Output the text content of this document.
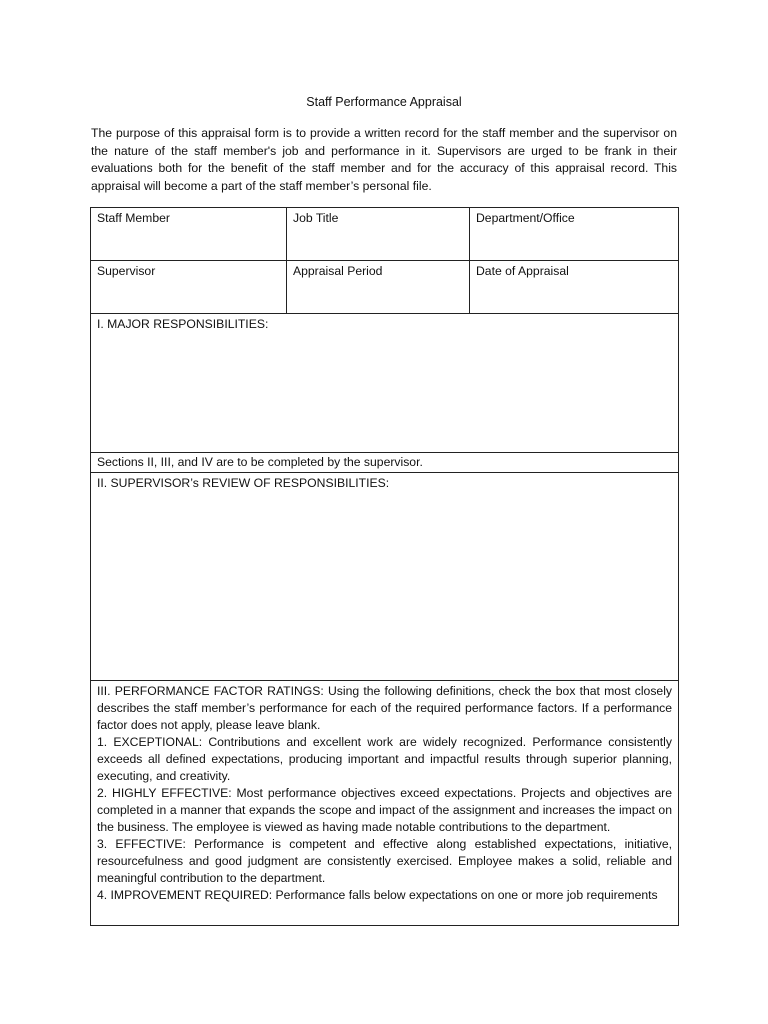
Staff Performance Appraisal
The purpose of this appraisal form is to provide a written record for the staff member and the supervisor on the nature of the staff member's job and performance in it. Supervisors are urged to be frank in their evaluations both for the benefit of the staff member and for the accuracy of this appraisal record. This appraisal will become a part of the staff member’s personal file.
Staff Member	Job Title	Department/Office

Supervisor	Appraisal Period	Date of Appraisal

I. MAJOR RESPONSIBILITIES:		

Sections II, III, and IV are to be completed by the supervisor.		

II. SUPERVISOR’s REVIEW OF RESPONSIBILITIES:		

III. PERFORMANCE FACTOR RATINGS: Using the following definitions, check the box that most closely describes the staff member’s performance for each of the required performance factors. If a performance factor does not apply, please leave blank.

1. EXCEPTIONAL: Contributions and excellent work are widely recognized. Performance consistently exceeds all defined expectations, producing important and impactful results through superior planning, executing, and creativity.

2. HIGHLY EFFECTIVE: Most performance objectives exceed expectations. Projects and objectives are completed in a manner that expands the scope and impact of the assignment and increases the impact on the business. The employee is viewed as having made notable contributions to the department.

3. EFFECTIVE: Performance is competent and effective along established expectations, initiative, resourcefulness and good judgment are consistently exercised. Employee makes a solid, reliable and meaningful contribution to the department.

4. IMPROVEMENT REQUIRED: Performance falls below expectations on one or more job requirements		
